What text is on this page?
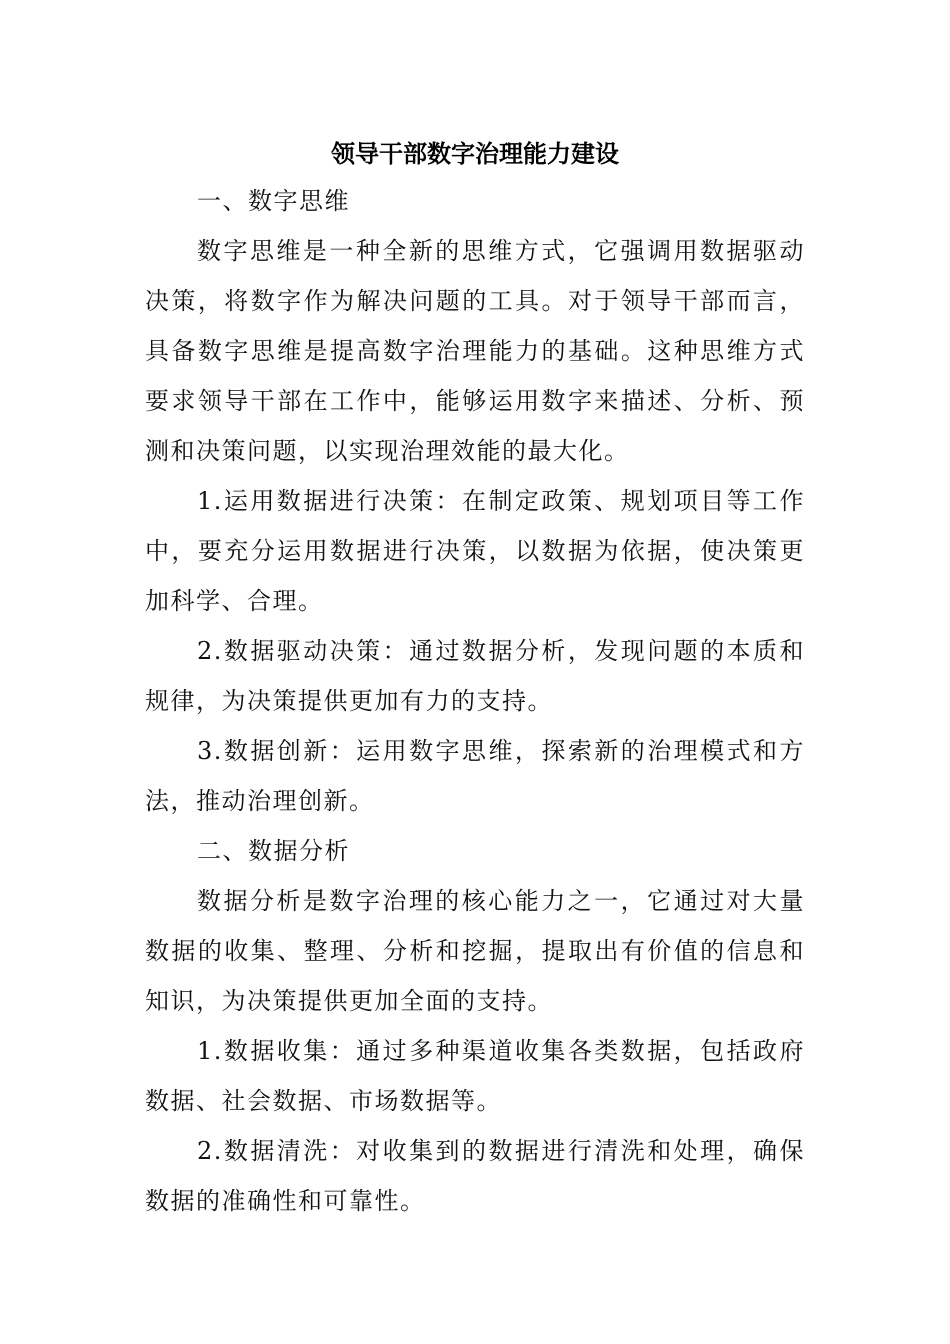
领导干部数字治理能力建设

一、数字思维

数字思维是一种全新的思维方式，它强调用数据驱动决策，将数字作为解决问题的工具。对于领导干部而言，具备数字思维是提高数字治理能力的基础。这种思维方式要求领导干部在工作中，能够运用数字来描述、分析、预测和决策问题，以实现治理效能的最大化。

1.运用数据进行决策：在制定政策、规划项目等工作中，要充分运用数据进行决策，以数据为依据，使决策更加科学、合理。

2.数据驱动决策：通过数据分析，发现问题的本质和规律，为决策提供更加有力的支持。

3.数据创新：运用数字思维，探索新的治理模式和方法，推动治理创新。

二、数据分析

数据分析是数字治理的核心能力之一，它通过对大量数据的收集、整理、分析和挖掘，提取出有价值的信息和知识，为决策提供更加全面的支持。

1.数据收集：通过多种渠道收集各类数据，包括政府数据、社会数据、市场数据等。

2.数据清洗：对收集到的数据进行清洗和处理，确保数据的准确性和可靠性。
